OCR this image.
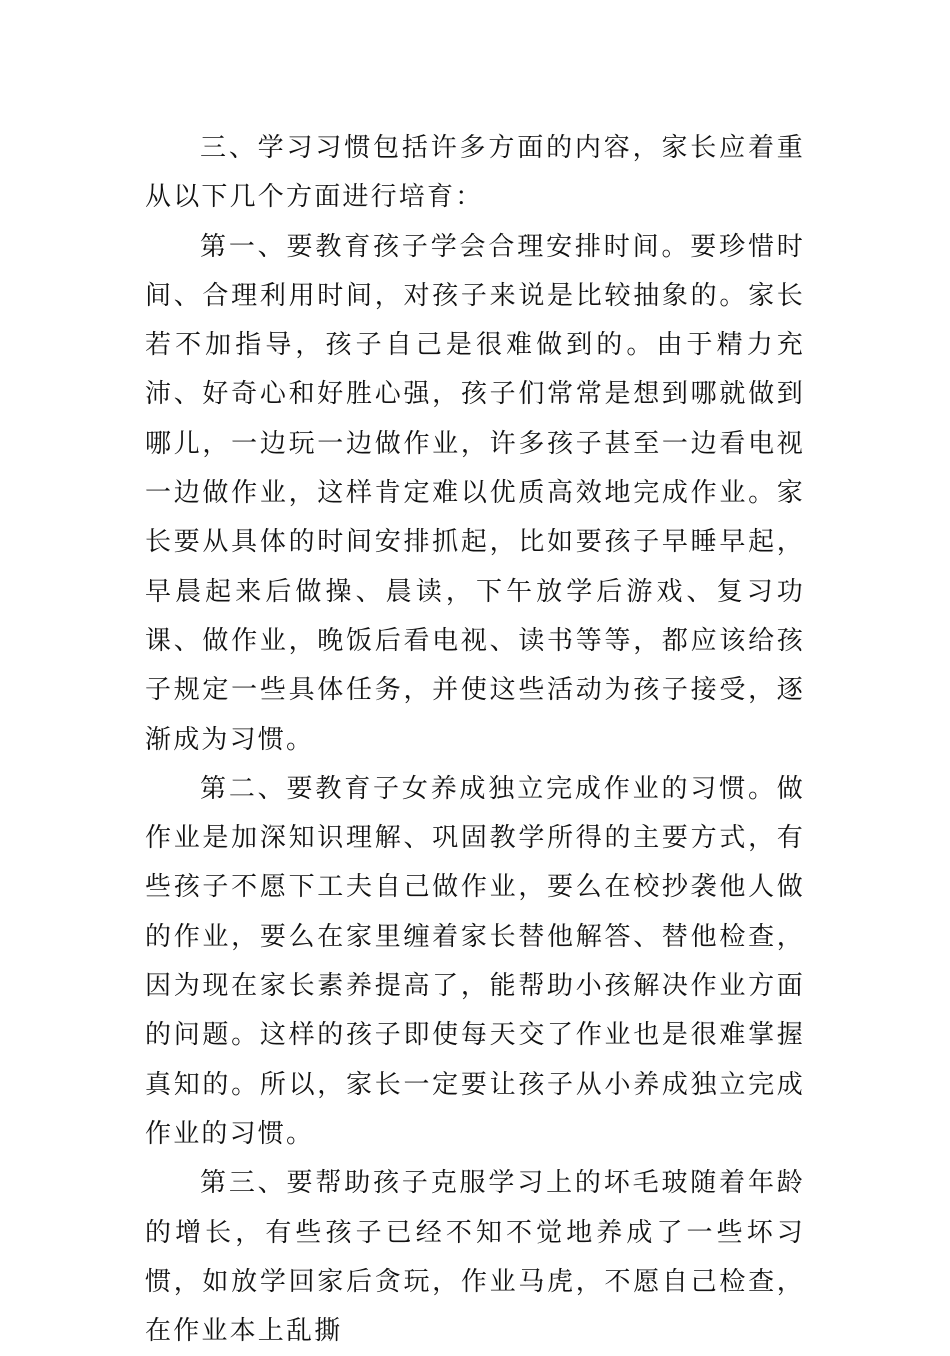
三、学习习惯包括许多方面的内容，家长应着重从以下几个方面进行培育：

第一、要教育孩子学会合理安排时间。要珍惜时间、合理利用时间，对孩子来说是比较抽象的。家长若不加指导，孩子自己是很难做到的。由于精力充沛、好奇心和好胜心强，孩子们常常是想到哪就做到哪儿，一边玩一边做作业，许多孩子甚至一边看电视一边做作业，这样肯定难以优质高效地完成作业。家长要从具体的时间安排抓起，比如要孩子早睡早起，早晨起来后做操、晨读，下午放学后游戏、复习功课、做作业，晚饭后看电视、读书等等，都应该给孩子规定一些具体任务，并使这些活动为孩子接受，逐渐成为习惯。

第二、要教育子女养成独立完成作业的习惯。做作业是加深知识理解、巩固教学所得的主要方式，有些孩子不愿下工夫自己做作业，要么在校抄袭他人做的作业，要么在家里缠着家长替他解答、替他检查，因为现在家长素养提高了，能帮助小孩解决作业方面的问题。这样的孩子即使每天交了作业也是很难掌握真知的。所以，家长一定要让孩子从小养成独立完成作业的习惯。

第三、要帮助孩子克服学习上的坏毛玻随着年龄的增长，有些孩子已经不知不觉地养成了一些坏习惯，如放学回家后贪玩，作业马虎，不愿自己检查，在作业本上乱撕
